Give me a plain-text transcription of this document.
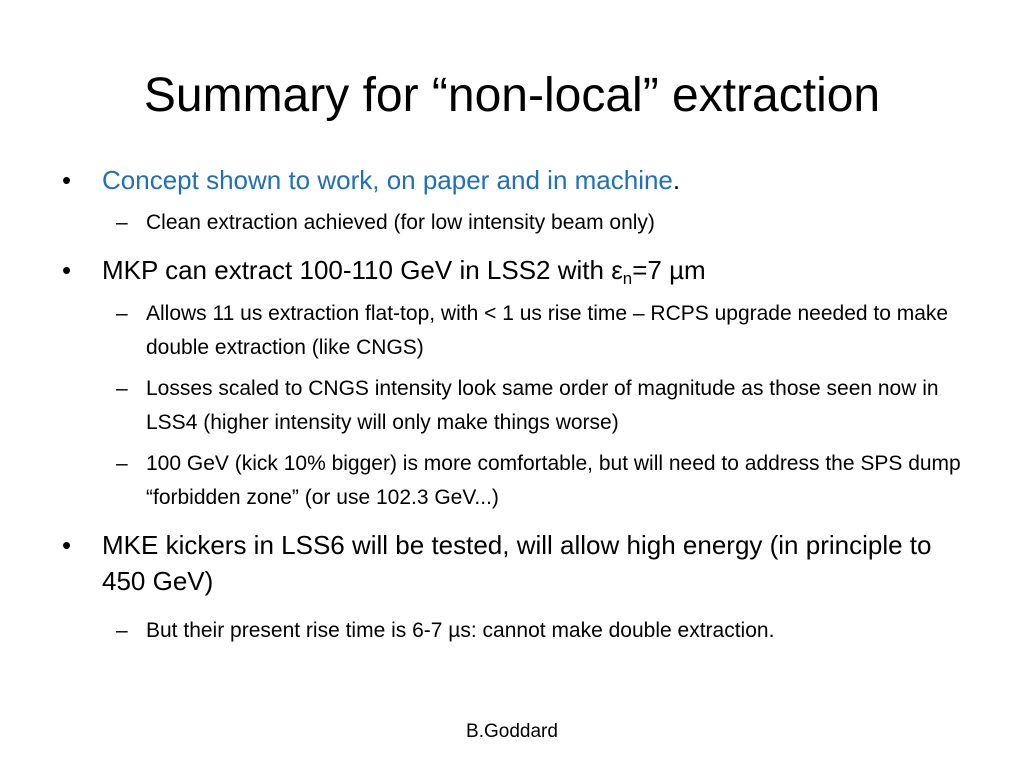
Summary for “non-local” extraction
• Concept shown to work, on paper and in machine.
– Clean extraction achieved (for low intensity beam only)
• MKP can extract 100-110 GeV in LSS2 with $\varepsilon_n=7$ µm
– Allows 11 us extraction flat-top, with < 1 us rise time – RCPS upgrade needed to make double extraction (like CNGS)
– Losses scaled to CNGS intensity look same order of magnitude as those seen now in LSS4 (higher intensity will only make things worse)
– 100 GeV (kick 10% bigger) is more comfortable, but will need to address the SPS dump “forbidden zone” (or use 102.3 GeV...)
• MKE kickers in LSS6 will be tested, will allow high energy (in principle to 450 GeV)
– But their present rise time is 6-7 µs: cannot make double extraction.
B.Goddard
